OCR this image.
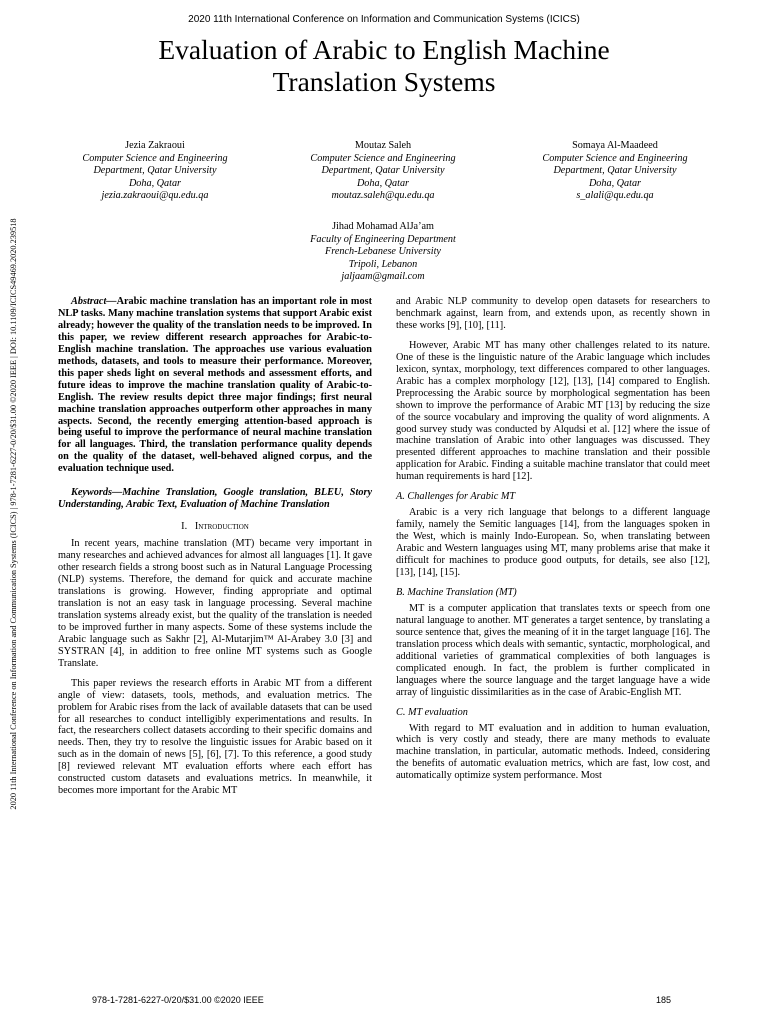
2020 11th International Conference on Information and Communication Systems (ICICS)
Evaluation of Arabic to English Machine
Translation Systems
Jezia Zakraoui
Computer Science and Engineering
Department, Qatar University
Doha, Qatar
jezia.zakraoui@qu.edu.qa
Moutaz Saleh
Computer Science and Engineering
Department, Qatar University
Doha, Qatar
moutaz.saleh@qu.edu.qa
Somaya Al-Maadeed
Computer Science and Engineering
Department, Qatar University
Doha, Qatar
s_alali@qu.edu.qa
Jihad Mohamad AlJa’am
Faculty of Engineering Department
French-Lebanese University
Tripoli, Lebanon
jaljaam@gmail.com
2020 11th International Conference on Information and Communication Systems (ICICS) | 978-1-7281-6227-0/20/$31.00 ©2020 IEEE | DOI: 10.1109/ICICS49469.2020.239518	Abstract—Arabic machine translation has an important role in most NLP tasks. Many machine translation systems that support Arabic exist already; however the quality of the translation needs to be improved. In this paper, we review different research approaches for Arabic-to-English machine translation. The approaches use various evaluation methods, datasets, and tools to measure their performance. Moreover, this paper sheds light on several methods and assessment efforts, and future ideas to improve the machine translation quality of Arabic-to-English. The review results depict three major findings; first neural machine translation approaches outperform other approaches in many aspects. Second, the recently emerging attention-based approach is being useful to improve the performance of neural machine translation for all languages. Third, the translation performance quality depends on the quality of the dataset, well-behaved aligned corpus, and the evaluation technique used.

Keywords—Machine Translation, Google translation, BLEU, Story Understanding, Arabic Text, Evaluation of Machine Translation

I. Introduction

In recent years, machine translation (MT) became very important in many researches and achieved advances for almost all languages [1]. It gave other research fields a strong boost such as in Natural Language Processing (NLP) systems. Therefore, the demand for quick and accurate machine translations is growing. However, finding appropriate and optimal translation is not an easy task in language processing. Several machine translation systems already exist, but the quality of the translation is needed to be improved further in many aspects. Some of these systems include the Arabic language such as Sakhr [2], Al-Mutarjim™ Al-Arabey 3.0 [3] and SYSTRAN [4], in addition to free online MT systems such as Google Translate.

This paper reviews the research efforts in Arabic MT from a different angle of view: datasets, tools, methods, and evaluation metrics. The problem for Arabic rises from the lack of available datasets that can be used for all researches to conduct intelligibly experimentations and results. In fact, the researchers collect datasets according to their specific domains and needs. Then, they try to resolve the linguistic issues for Arabic based on it such as in the domain of news [5], [6], [7]. To this reference, a good study [8] reviewed relevant MT evaluation efforts where each effort has constructed custom datasets and evaluations metrics. In meanwhile, it becomes more important for the Arabic MT

and Arabic NLP community to develop open datasets for researchers to benchmark against, learn from, and extends upon, as recently shown in these works [9], [10], [11].

However, Arabic MT has many other challenges related to its nature. One of these is the linguistic nature of the Arabic language which includes lexicon, syntax, morphology, text differences compared to other languages. Arabic has a complex morphology [12], [13], [14] compared to English. Preprocessing the Arabic source by morphological segmentation has been shown to improve the performance of Arabic MT [13] by reducing the size of the source vocabulary and improving the quality of word alignments. A good survey study was conducted by Alqudsi et al. [12] where the issue of machine translation of Arabic into other languages was discussed. They presented different approaches to machine translation and their possible application for Arabic. Finding a suitable machine translator that could meet human requirements is hard [12].

A. Challenges for Arabic MT

Arabic is a very rich language that belongs to a different language family, namely the Semitic languages [14], from the languages spoken in the West, which is mainly Indo-European. So, when translating between Arabic and Western languages using MT, many problems arise that make it difficult for machines to produce good outputs, for details, see also [12], [13], [14], [15].

B. Machine Translation (MT)

MT is a computer application that translates texts or speech from one natural language to another. MT generates a target sentence, by translating a source sentence that, gives the meaning of it in the target language [16]. The translation process which deals with semantic, syntactic, morphological, and additional varieties of grammatical complexities of both languages is complicated enough. In fact, the problem is further complicated in languages where the source language and the target language have a wide array of linguistic dissimilarities as in the case of Arabic-English MT.

C. MT evaluation

With regard to MT evaluation and in addition to human evaluation, which is very costly and steady, there are many methods to evaluate machine translation, in particular, automatic methods. Indeed, considering the benefits of automatic evaluation metrics, which are fast, low cost, and automatically optimize system performance. Most

978-1-7281-6227-0/20/$31.00 ©2020 IEEE	185
